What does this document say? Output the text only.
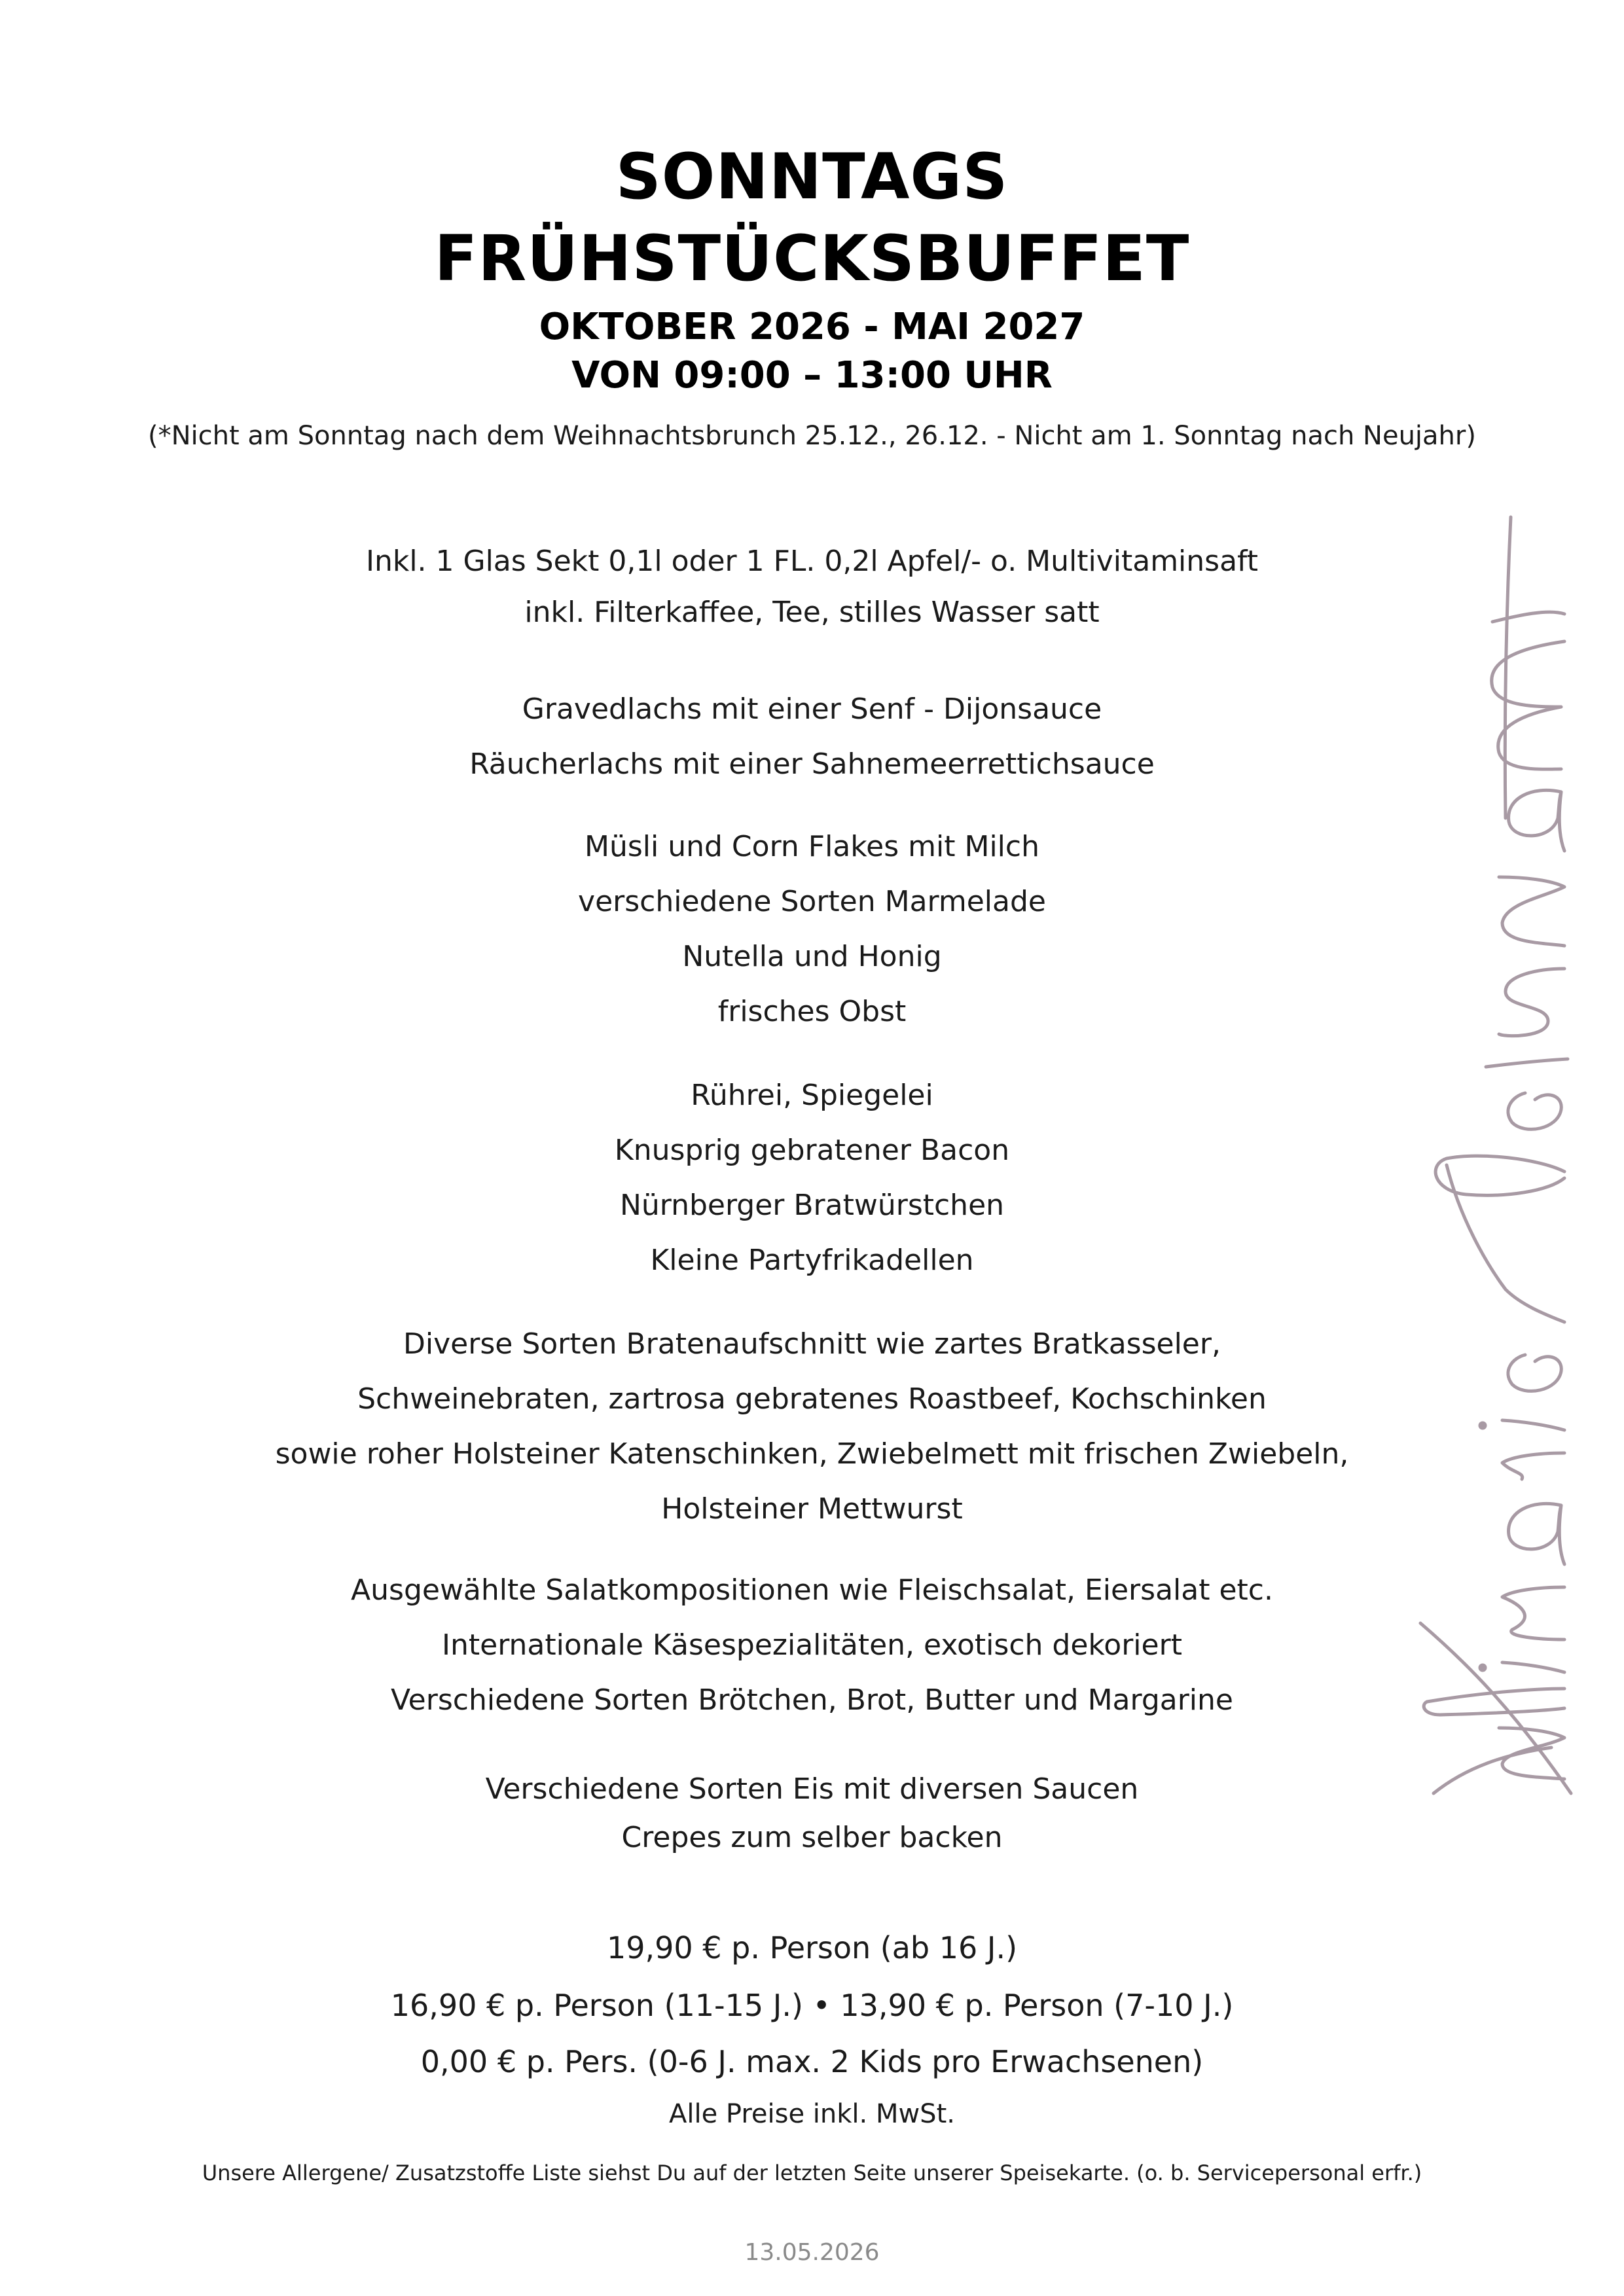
SONNTAGS
FRÜHSTÜCKSBUFFET
OKTOBER 2026 - MAI 2027
VON 09:00 – 13:00 UHR
(*Nicht am Sonntag nach dem Weihnachtsbrunch 25.12., 26.12. - Nicht am 1. Sonntag nach Neujahr)
Inkl. 1 Glas Sekt 0,1l oder 1 FL. 0,2l Apfel/- o. Multivitaminsaft
inkl. Filterkaffee, Tee, stilles Wasser satt
Gravedlachs mit einer Senf - Dijonsauce
Räucherlachs mit einer Sahnemeerrettichsauce
Müsli und Corn Flakes mit Milch
verschiedene Sorten Marmelade
Nutella und Honig
frisches Obst
Rührei, Spiegelei
Knusprig gebratener Bacon
Nürnberger Bratwürstchen
Kleine Partyfrikadellen
Diverse Sorten Bratenaufschnitt wie zartes Bratkasseler,
Schweinebraten, zartrosa gebratenes Roastbeef, Kochschinken
sowie roher Holsteiner Katenschinken, Zwiebelmett mit frischen Zwiebeln,
Holsteiner Mettwurst
Ausgewählte Salatkompositionen wie Fleischsalat, Eiersalat etc.
Internationale Käsespezialitäten, exotisch dekoriert
Verschiedene Sorten Brötchen, Brot, Butter und Margarine
Verschiedene Sorten Eis mit diversen Saucen
Crepes zum selber backen
19,90 € p. Person (ab 16 J.)
16,90 € p. Person (11-15 J.) • 13,90 € p. Person (7-10 J.)
0,00 € p. Pers. (0-6 J. max. 2 Kids pro Erwachsenen)
Alle Preise inkl. MwSt.
Unsere Allergene/ Zusatzstoffe Liste siehst Du auf der letzten Seite unserer Speisekarte. (o. b. Servicepersonal erfr.)
13.05.2026
